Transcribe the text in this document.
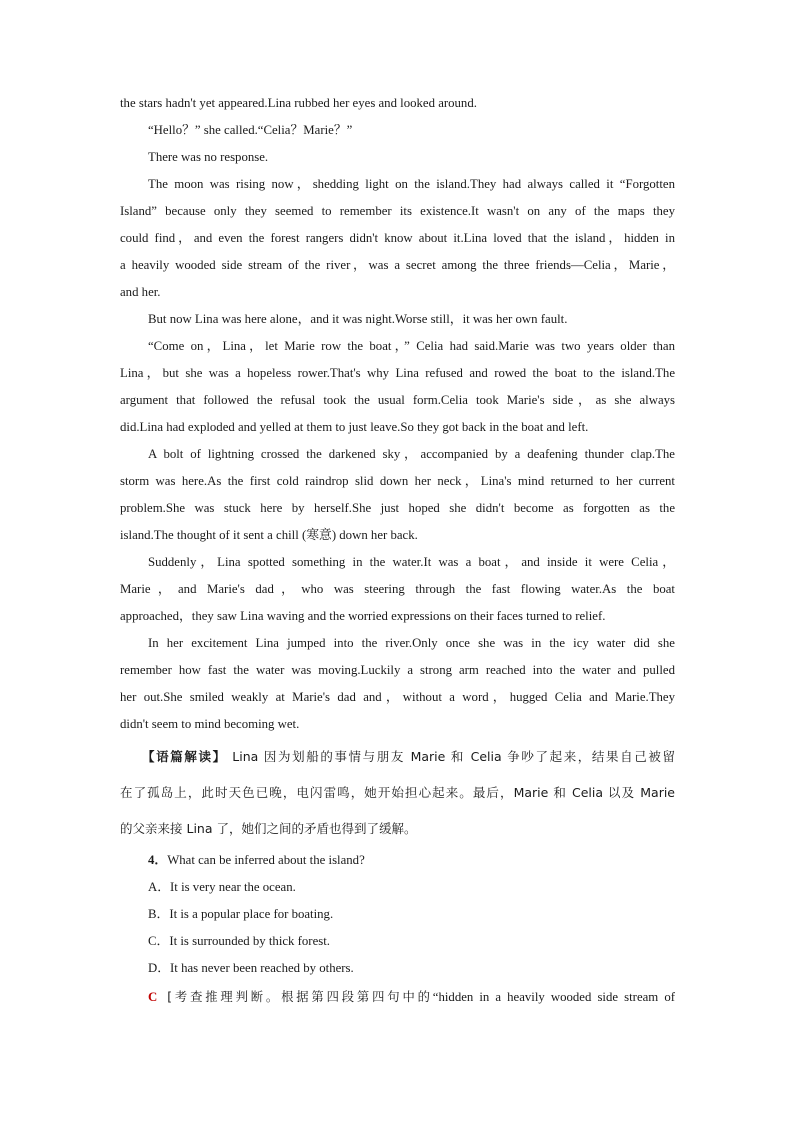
the stars hadn't yet appeared.Lina rubbed her eyes and looked around.
“Hello？” she called.“Celia？Marie？”
There was no response.
The moon was rising now，shedding light on the island.They had always called it “Forgotten
Island” because only they seemed to remember its existence.It wasn't on any of the maps they
could find，and even the forest rangers didn't know about it.Lina loved that the island，hidden in
a heavily wooded side stream of the river，was a secret among the three friends—Celia，Marie，
and her.
But now Lina was here alone，and it was night.Worse still，it was her own fault.
“Come on，Lina，let Marie row the boat，” Celia had said.Marie was two years older than
Lina，but she was a hopeless rower.That's why Lina refused and rowed the boat to the island.The
argument that followed the refusal took the usual form.Celia took Marie's side，as she always
did.Lina had exploded and yelled at them to just leave.So they got back in the boat and left.
A bolt of lightning crossed the darkened sky，accompanied by a deafening thunder clap.The
storm was here.As the first cold raindrop slid down her neck，Lina's mind returned to her current
problem.She was stuck here by herself.She just hoped she didn't become as forgotten as the
island.The thought of it sent a chill (寒意) down her back.
Suddenly，Lina spotted something in the water.It was a boat，and inside it were Celia，
Marie，and Marie's dad，who was steering through the fast flowing water.As the boat
approached，they saw Lina waving and the worried expressions on their faces turned to relief.
In her excitement Lina jumped into the river.Only once she was in the icy water did she
remember how fast the water was moving.Luckily a strong arm reached into the water and pulled
her out.She smiled weakly at Marie's dad and，without a word，hugged Celia and Marie.They
didn't seem to mind becoming wet.
【语篇解读】 Lina 因为划船的事情与朋友 Marie 和 Celia 争吵了起来，结果自己被留
在了孤岛上，此时天色已晚，电闪雷鸣，她开始担心起来。最后，Marie 和 Celia 以及 Marie
的父亲来接 Lina 了，她们之间的矛盾也得到了缓解。
4．What can be inferred about the island?
A．It is very near the ocean.
B．It is a popular place for boating.
C．It is surrounded by thick forest.
D．It has never been reached by others.
C [考查推理判断。根据第四段第四句中的“hidden in a heavily wooded side stream of
